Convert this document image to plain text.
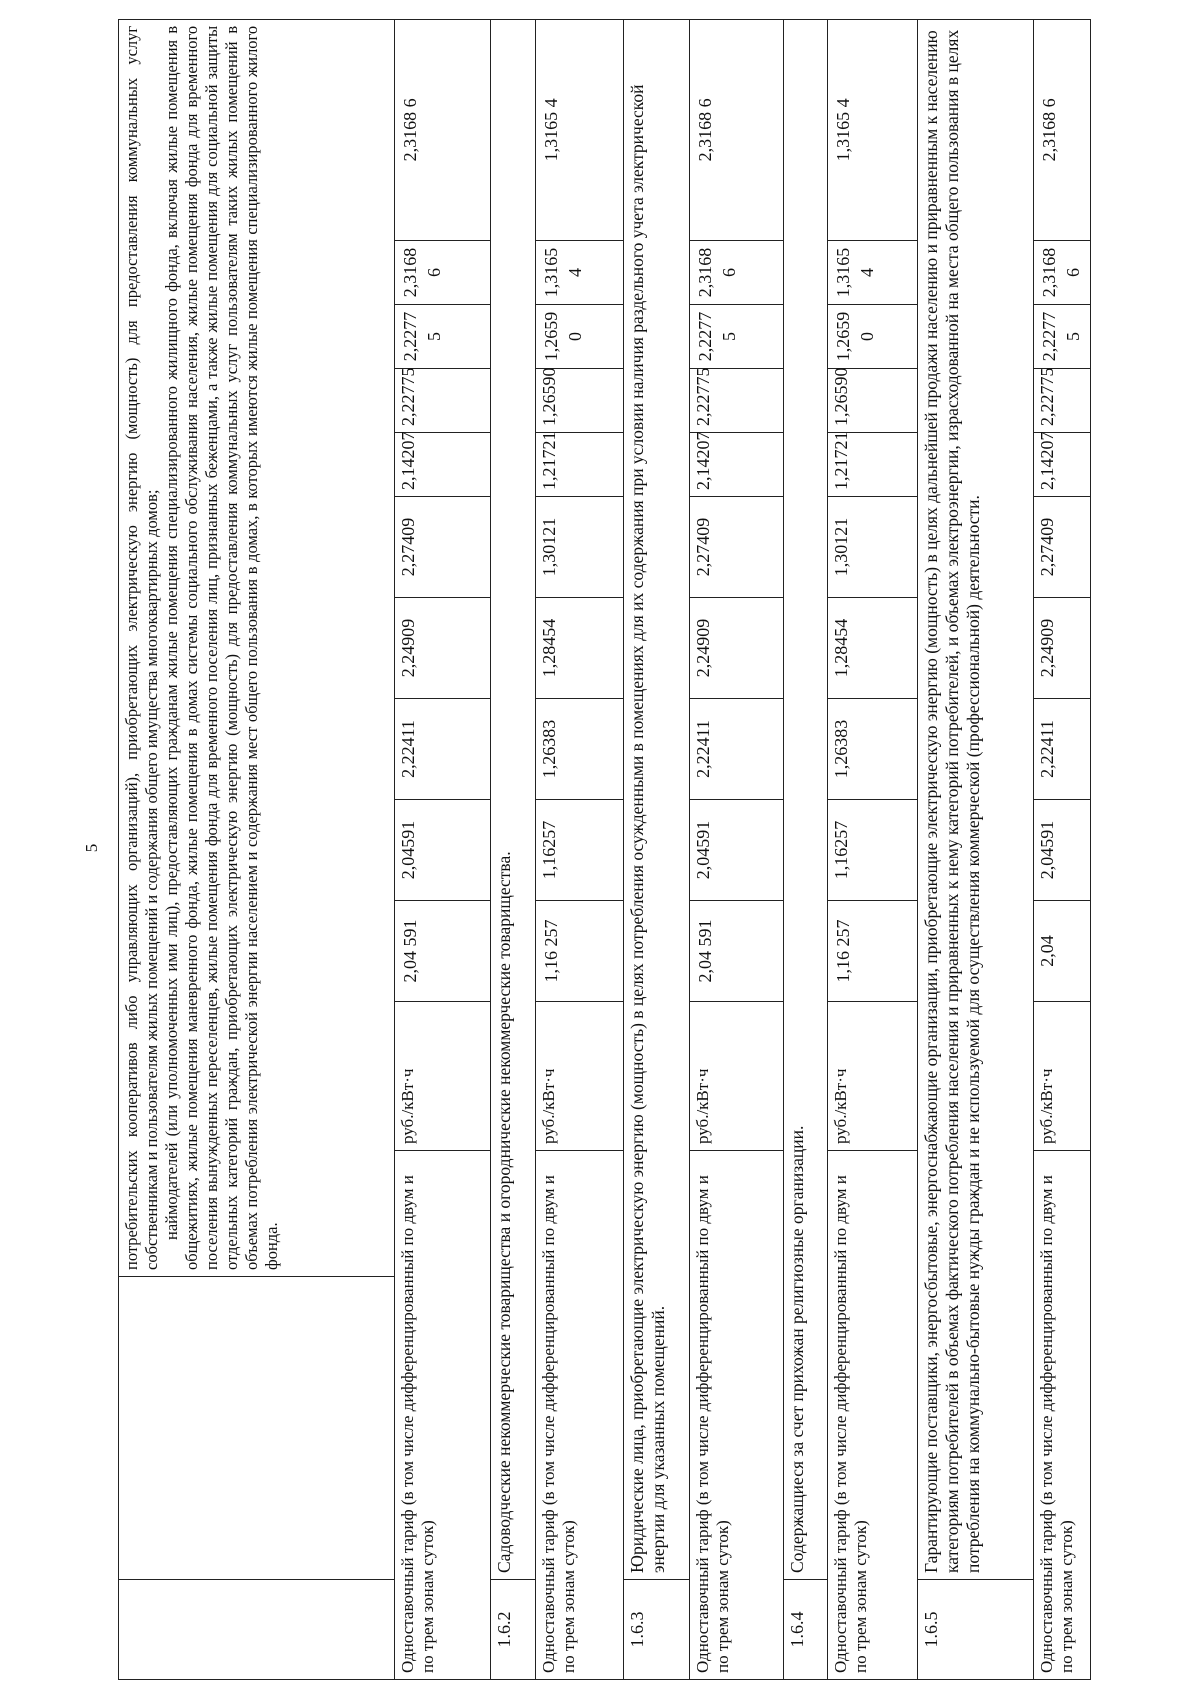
5
		потребительских кооперативов либо управляющих организаций), приобретающих электрическую энергию (мощность) для предоставления коммунальных услуг собственникам и пользователям жилых помещений и содержания общего имущества многоквартирных домов;
наймодателей (или уполномоченных ими лиц), предоставляющих гражданам жилые помещения специализированного жилищного фонда, включая жилые помещения в общежитиях, жилые помещения маневренного фонда, жилые помещения в домах системы социального обслуживания населения, жилые помещения фонда для временного поселения вынужденных переселенцев, жилые помещения фонда для временного поселения лиц, признанных беженцами, а также жилые помещения для социальной защиты отдельных категорий граждан, приобретающих электрическую энергию (мощность) для предоставления коммунальных услуг пользователям таких жилых помещений в объемах потребления электрической энергии населением и содержания мест общего пользования в домах, в которых имеются жилые помещения специализированного жилого фонда.											
Одноставочный тариф (в том числе дифференцированный по двум и по трем зонам суток)			руб./кВт·ч	2,04 591	2,04591	2,22411	2,24909	2,27409	2,14207	2,22775	2,2277 5	2,3168 6	2,3168 6
1.6.2	Садоводческие некоммерческие товарищества и огороднические некоммерческие товарищества.												
Одноставочный тариф (в том числе дифференцированный по двум и по трем зонам суток)			руб./кВт·ч	1,16 257	1,16257	1,26383	1,28454	1,30121	1,21721	1,26590	1,2659 0	1,3165 4	1,3165 4
1.6.3	Юридические лица, приобретающие электрическую энергию (мощность) в целях потребления осужденными в помещениях для их содержания при условии наличия раздельного учета электрической энергии для указанных помещений.												
Одноставочный тариф (в том числе дифференцированный по двум и по трем зонам суток)			руб./кВт·ч	2,04 591	2,04591	2,22411	2,24909	2,27409	2,14207	2,22775	2,2277 5	2,3168 6	2,3168 6
1.6.4	Содержащиеся за счет прихожан религиозные организации.												
Одноставочный тариф (в том числе дифференцированный по двум и по трем зонам суток)			руб./кВт·ч	1,16 257	1,16257	1,26383	1,28454	1,30121	1,21721	1,26590	1,2659 0	1,3165 4	1,3165 4
1.6.5	Гарантирующие поставщики, энергосбытовые, энергоснабжающие организации, приобретающие электрическую энергию (мощность) в целях дальнейшей продажи населению и приравненным к населению категориям потребителей в объемах фактического потребления населения и приравненных к нему категорий потребителей, и объемах электроэнергии, израсходованной на места общего пользования в целях потребления на коммунально-бытовые нужды граждан и не используемой для осуществления коммерческой (профессиональной) деятельности.												
Одноставочный тариф (в том числе дифференцированный по двум и по трем зонам суток)			руб./кВт·ч	2,04	2,04591	2,22411	2,24909	2,27409	2,14207	2,22775	2,2277 5	2,3168 6	2,3168 6
